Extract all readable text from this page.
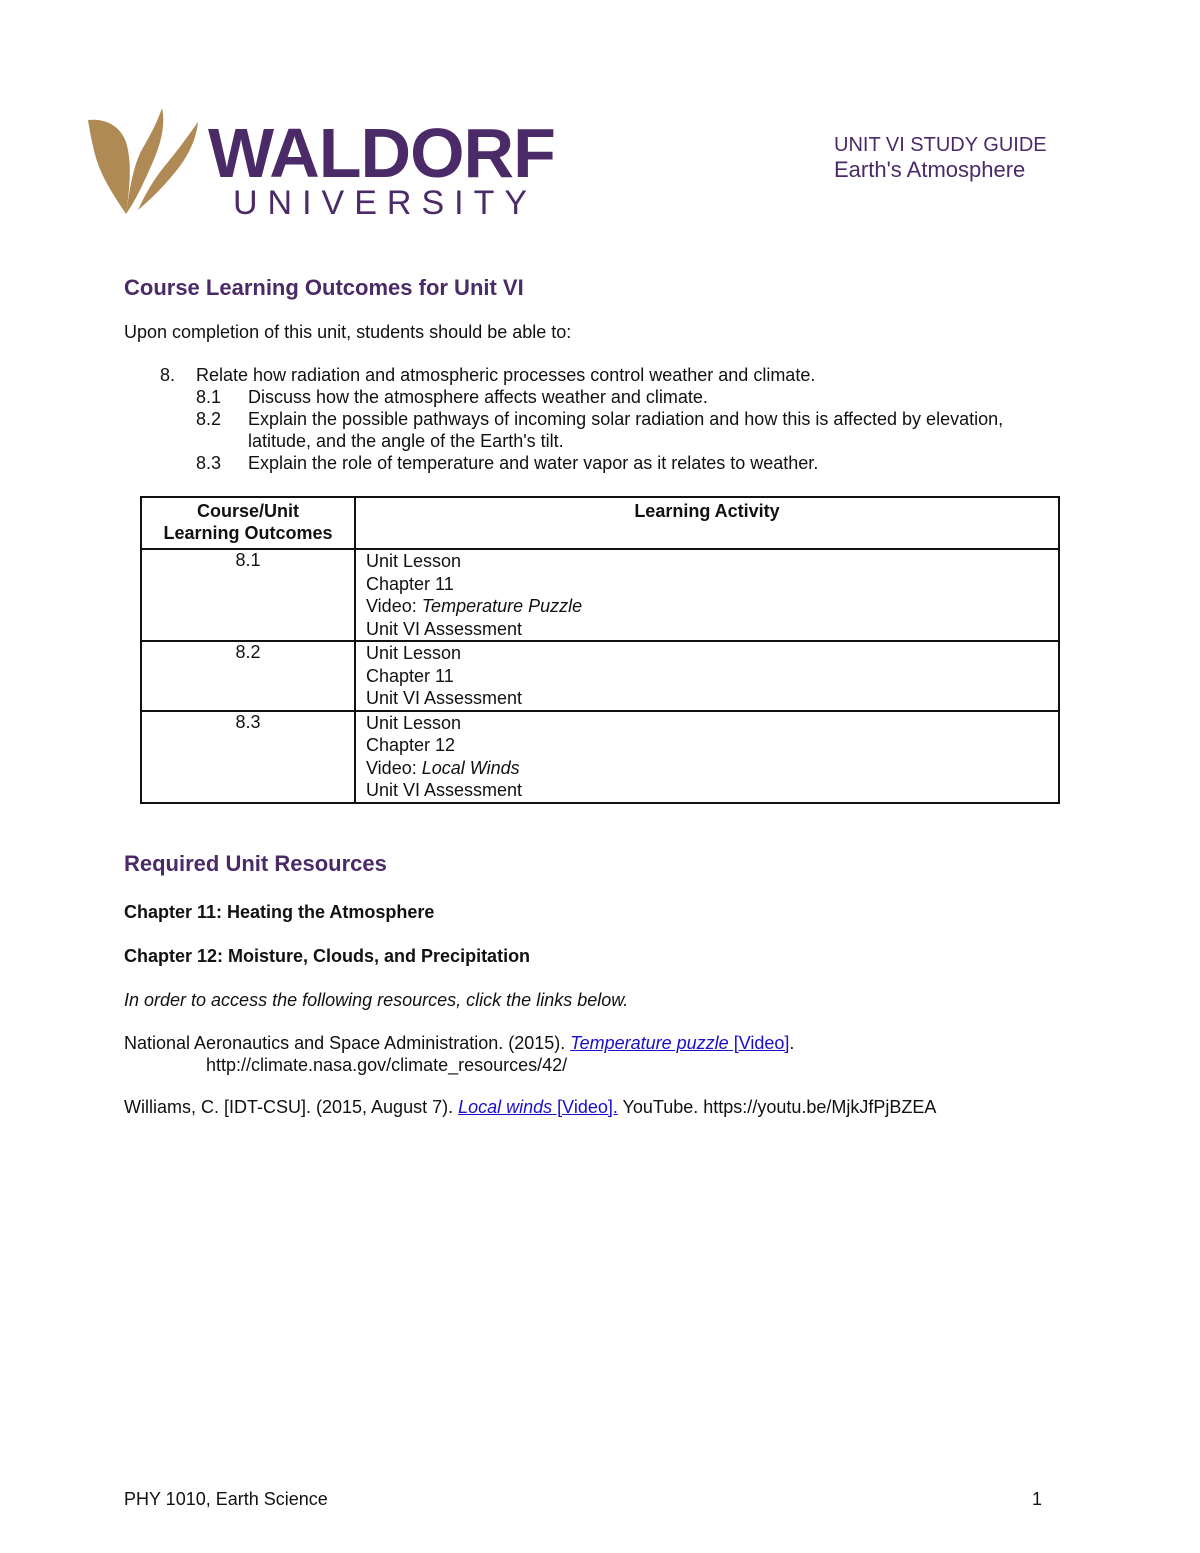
WALDORF
UNIVERSITY
UNIT VI STUDY GUIDE
Earth's Atmosphere
Course Learning Outcomes for Unit VI

Upon completion of this unit, students should be able to:

8.	Relate how radiation and atmospheric processes control weather and climate.
8.1	Discuss how the atmosphere affects weather and climate.
8.2	Explain the possible pathways of incoming solar radiation and how this is affected by elevation, latitude, and the angle of the Earth's tilt.
8.3	Explain the role of temperature and water vapor as it relates to weather.
Course/Unit
Learning Outcomes	Learning Activity
8.1	Unit Lesson
Chapter 11
Video: Temperature Puzzle
Unit VI Assessment

8.2	Unit Lesson
Chapter 11
Unit VI Assessment

8.3	Unit Lesson
Chapter 12
Video: Local Winds
Unit VI Assessment
Required Unit Resources

Chapter 11: Heating the Atmosphere

Chapter 12: Moisture, Clouds, and Precipitation

In order to access the following resources, click the links below.

National Aeronautics and Space Administration. (2015). Temperature puzzle [Video].
http://climate.nasa.gov/climate_resources/42/

Williams, C. [IDT-CSU]. (2015, August 7). Local winds [Video]. YouTube. https://youtu.be/MjkJfPjBZEA

PHY 1010, Earth Science	1
